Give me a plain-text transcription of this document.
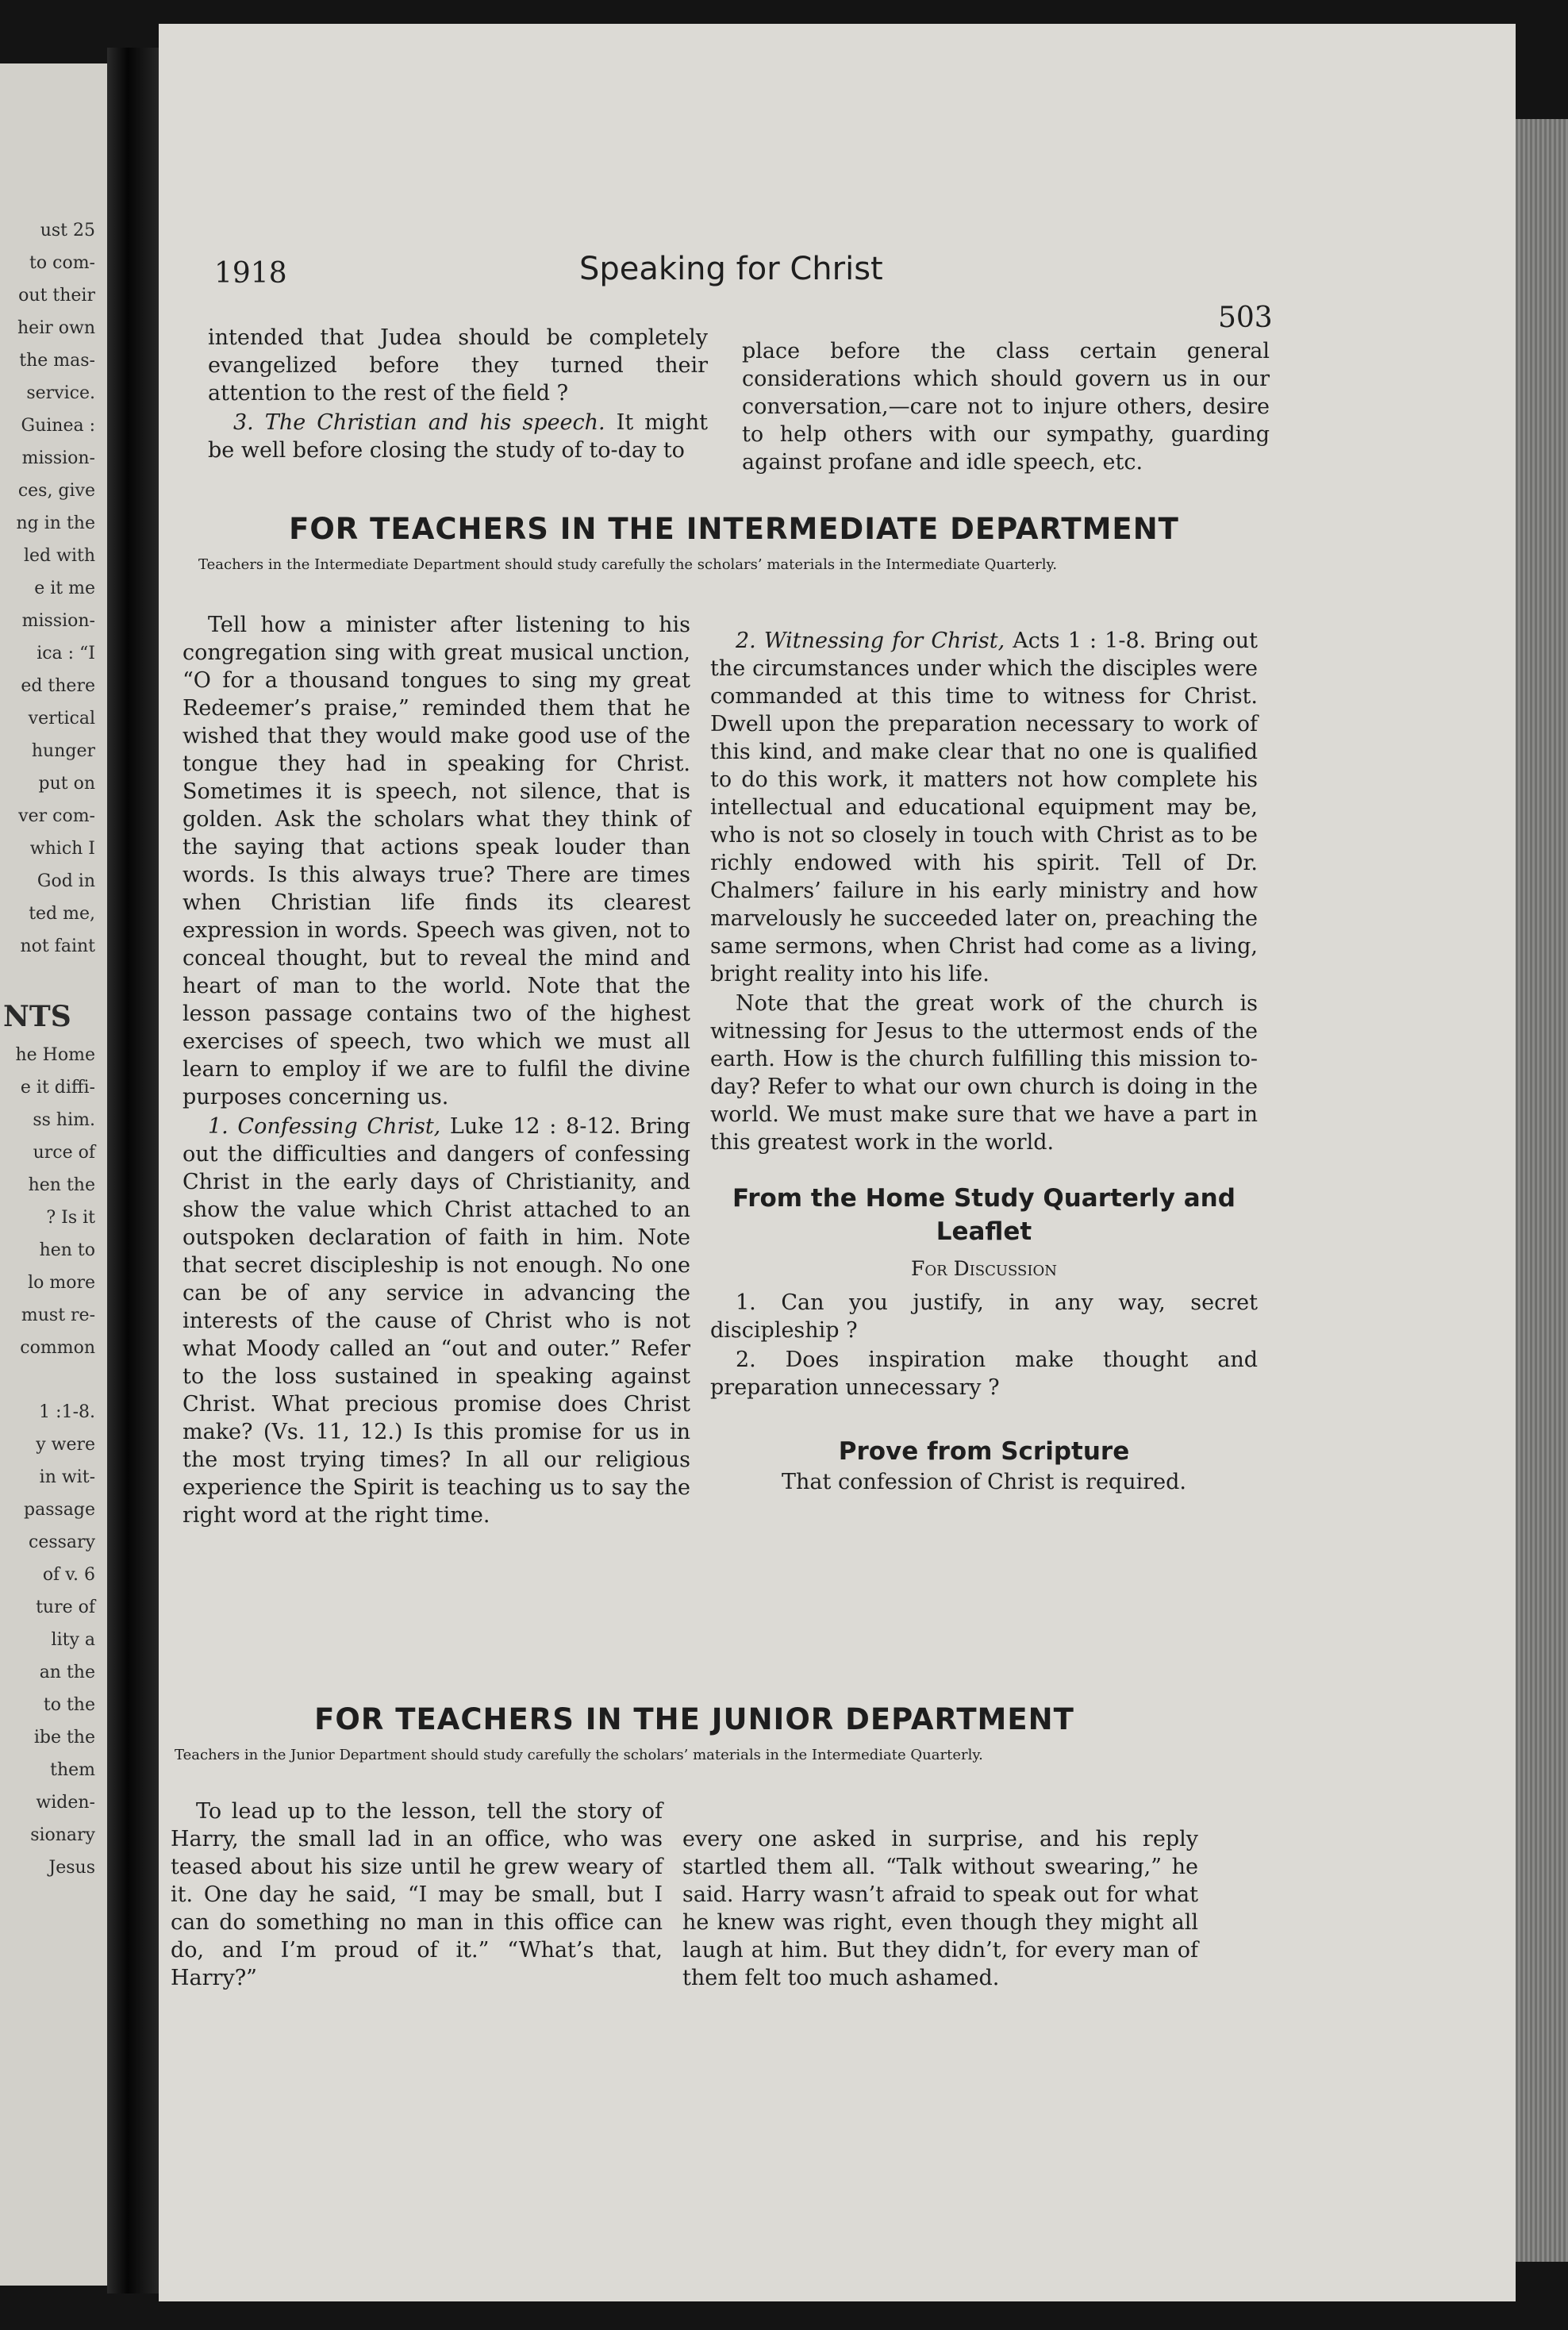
ust 25
to com-
out their
heir own
the mas-
service.
Guinea :
mission-
ces, give
ng in the
led with
e it me
mission-
ica : “I
ed there
vertical
hunger
put on
ver com-
which I
God in
ted me,
not faint
NTS
he Home
e it diffi-
ss him.
urce of
hen the
? Is it
hen to
lo more
must re-
common
1 :1-8.
y were
in wit-
passage
cessary
of v. 6
ture of
lity a
an the
to the
ibe the
them
widen-
sionary
Jesus
1918	Speaking for Christ
503

intended that Judea should be completely evangelized before they turned their attention to the rest of the field ?

3. The Christian and his speech. It might be well before closing the study of to-day to

place before the class certain general considerations which should govern us in our conversation,—care not to injure others, desire to help others with our sympathy, guarding against profane and idle speech, etc.

FOR TEACHERS IN THE INTERMEDIATE DEPARTMENT
Teachers in the Intermediate Department should study carefully the scholars’ materials in the Intermediate Quarterly.

Tell how a minister after listening to his congregation sing with great musical unction, “O for a thousand tongues to sing my great Redeemer’s praise,” reminded them that he wished that they would make good use of the tongue they had in speaking for Christ. Sometimes it is speech, not silence, that is golden. Ask the scholars what they think of the saying that actions speak louder than words. Is this always true? There are times when Christian life finds its clearest expression in words. Speech was given, not to conceal thought, but to reveal the mind and heart of man to the world. Note that the lesson passage contains two of the highest exercises of speech, two which we must all learn to employ if we are to fulfil the divine purposes concerning us.

1. Confessing Christ, Luke 12 : 8-12. Bring out the difficulties and dangers of confessing Christ in the early days of Christianity, and show the value which Christ attached to an outspoken declaration of faith in him. Note that secret discipleship is not enough. No one can be of any service in advancing the interests of the cause of Christ who is not what Moody called an “out and outer.” Refer to the loss sustained in speaking against Christ. What precious promise does Christ make? (Vs. 11, 12.) Is this promise for us in the most trying times? In all our religious experience the Spirit is teaching us to say the right word at the right time.

2. Witnessing for Christ, Acts 1 : 1-8. Bring out the circumstances under which the disciples were commanded at this time to witness for Christ. Dwell upon the preparation necessary to work of this kind, and make clear that no one is qualified to do this work, it matters not how complete his intellectual and educational equipment may be, who is not so closely in touch with Christ as to be richly endowed with his spirit. Tell of Dr. Chalmers’ failure in his early ministry and how marvelously he succeeded later on, preaching the same sermons, when Christ had come as a living, bright reality into his life.

Note that the great work of the church is witnessing for Jesus to the uttermost ends of the earth. How is the church fulfilling this mission to-day? Refer to what our own church is doing in the world. We must make sure that we have a part in this greatest work in the world.

From the Home Study Quarterly and Leaflet
For Discussion

1. Can you justify, in any way, secret discipleship ?

2. Does inspiration make thought and preparation unnecessary ?

Prove from Scripture
That confession of Christ is required.
FOR TEACHERS IN THE JUNIOR DEPARTMENT
Teachers in the Junior Department should study carefully the scholars’ materials in the Intermediate Quarterly.

To lead up to the lesson, tell the story of Harry, the small lad in an office, who was teased about his size until he grew weary of it. One day he said, “I may be small, but I can do something no man in this office can do, and I’m proud of it.” “What’s that, Harry?”

every one asked in surprise, and his reply startled them all. “Talk without swearing,” he said. Harry wasn’t afraid to speak out for what he knew was right, even though they might all laugh at him. But they didn’t, for every man of them felt too much ashamed.
